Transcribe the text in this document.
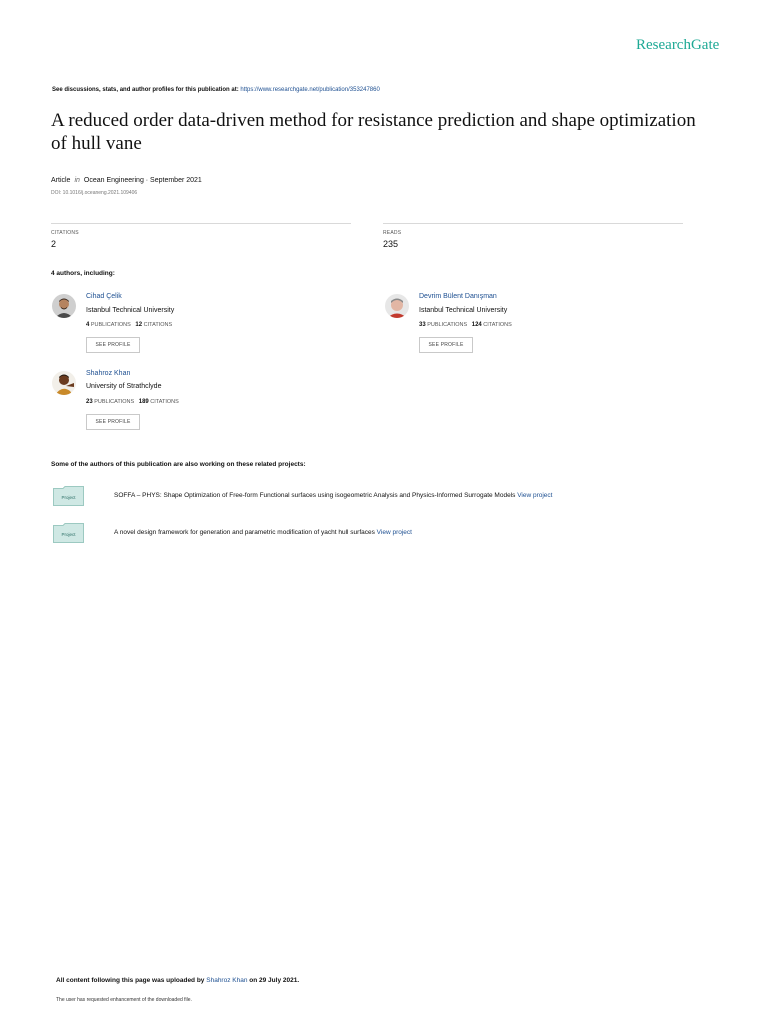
ResearchGate
See discussions, stats, and author profiles for this publication at: https://www.researchgate.net/publication/353247860
A reduced order data-driven method for resistance prediction and shape optimization of hull vane
Article in Ocean Engineering · September 2021
DOI: 10.1016/j.oceaneng.2021.109406
CITATIONS
2
READS
235
4 authors, including:
Cihad Çelik
Istanbul Technical University
4 PUBLICATIONS 12 CITATIONS
SEE PROFILE
Devrim Bülent Danışman
Istanbul Technical University
33 PUBLICATIONS 124 CITATIONS
SEE PROFILE
Shahroz Khan
University of Strathclyde
23 PUBLICATIONS 189 CITATIONS
SEE PROFILE
Some of the authors of this publication are also working on these related projects:
Project	SOFFA – PHYS: Shape Optimization of Free-form Functional surfaces using isogeometric Analysis and Physics-Informed Surrogate Models View project
Project	A novel design framework for generation and parametric modification of yacht hull surfaces View project
All content following this page was uploaded by Shahroz Khan on 29 July 2021.
The user has requested enhancement of the downloaded file.
